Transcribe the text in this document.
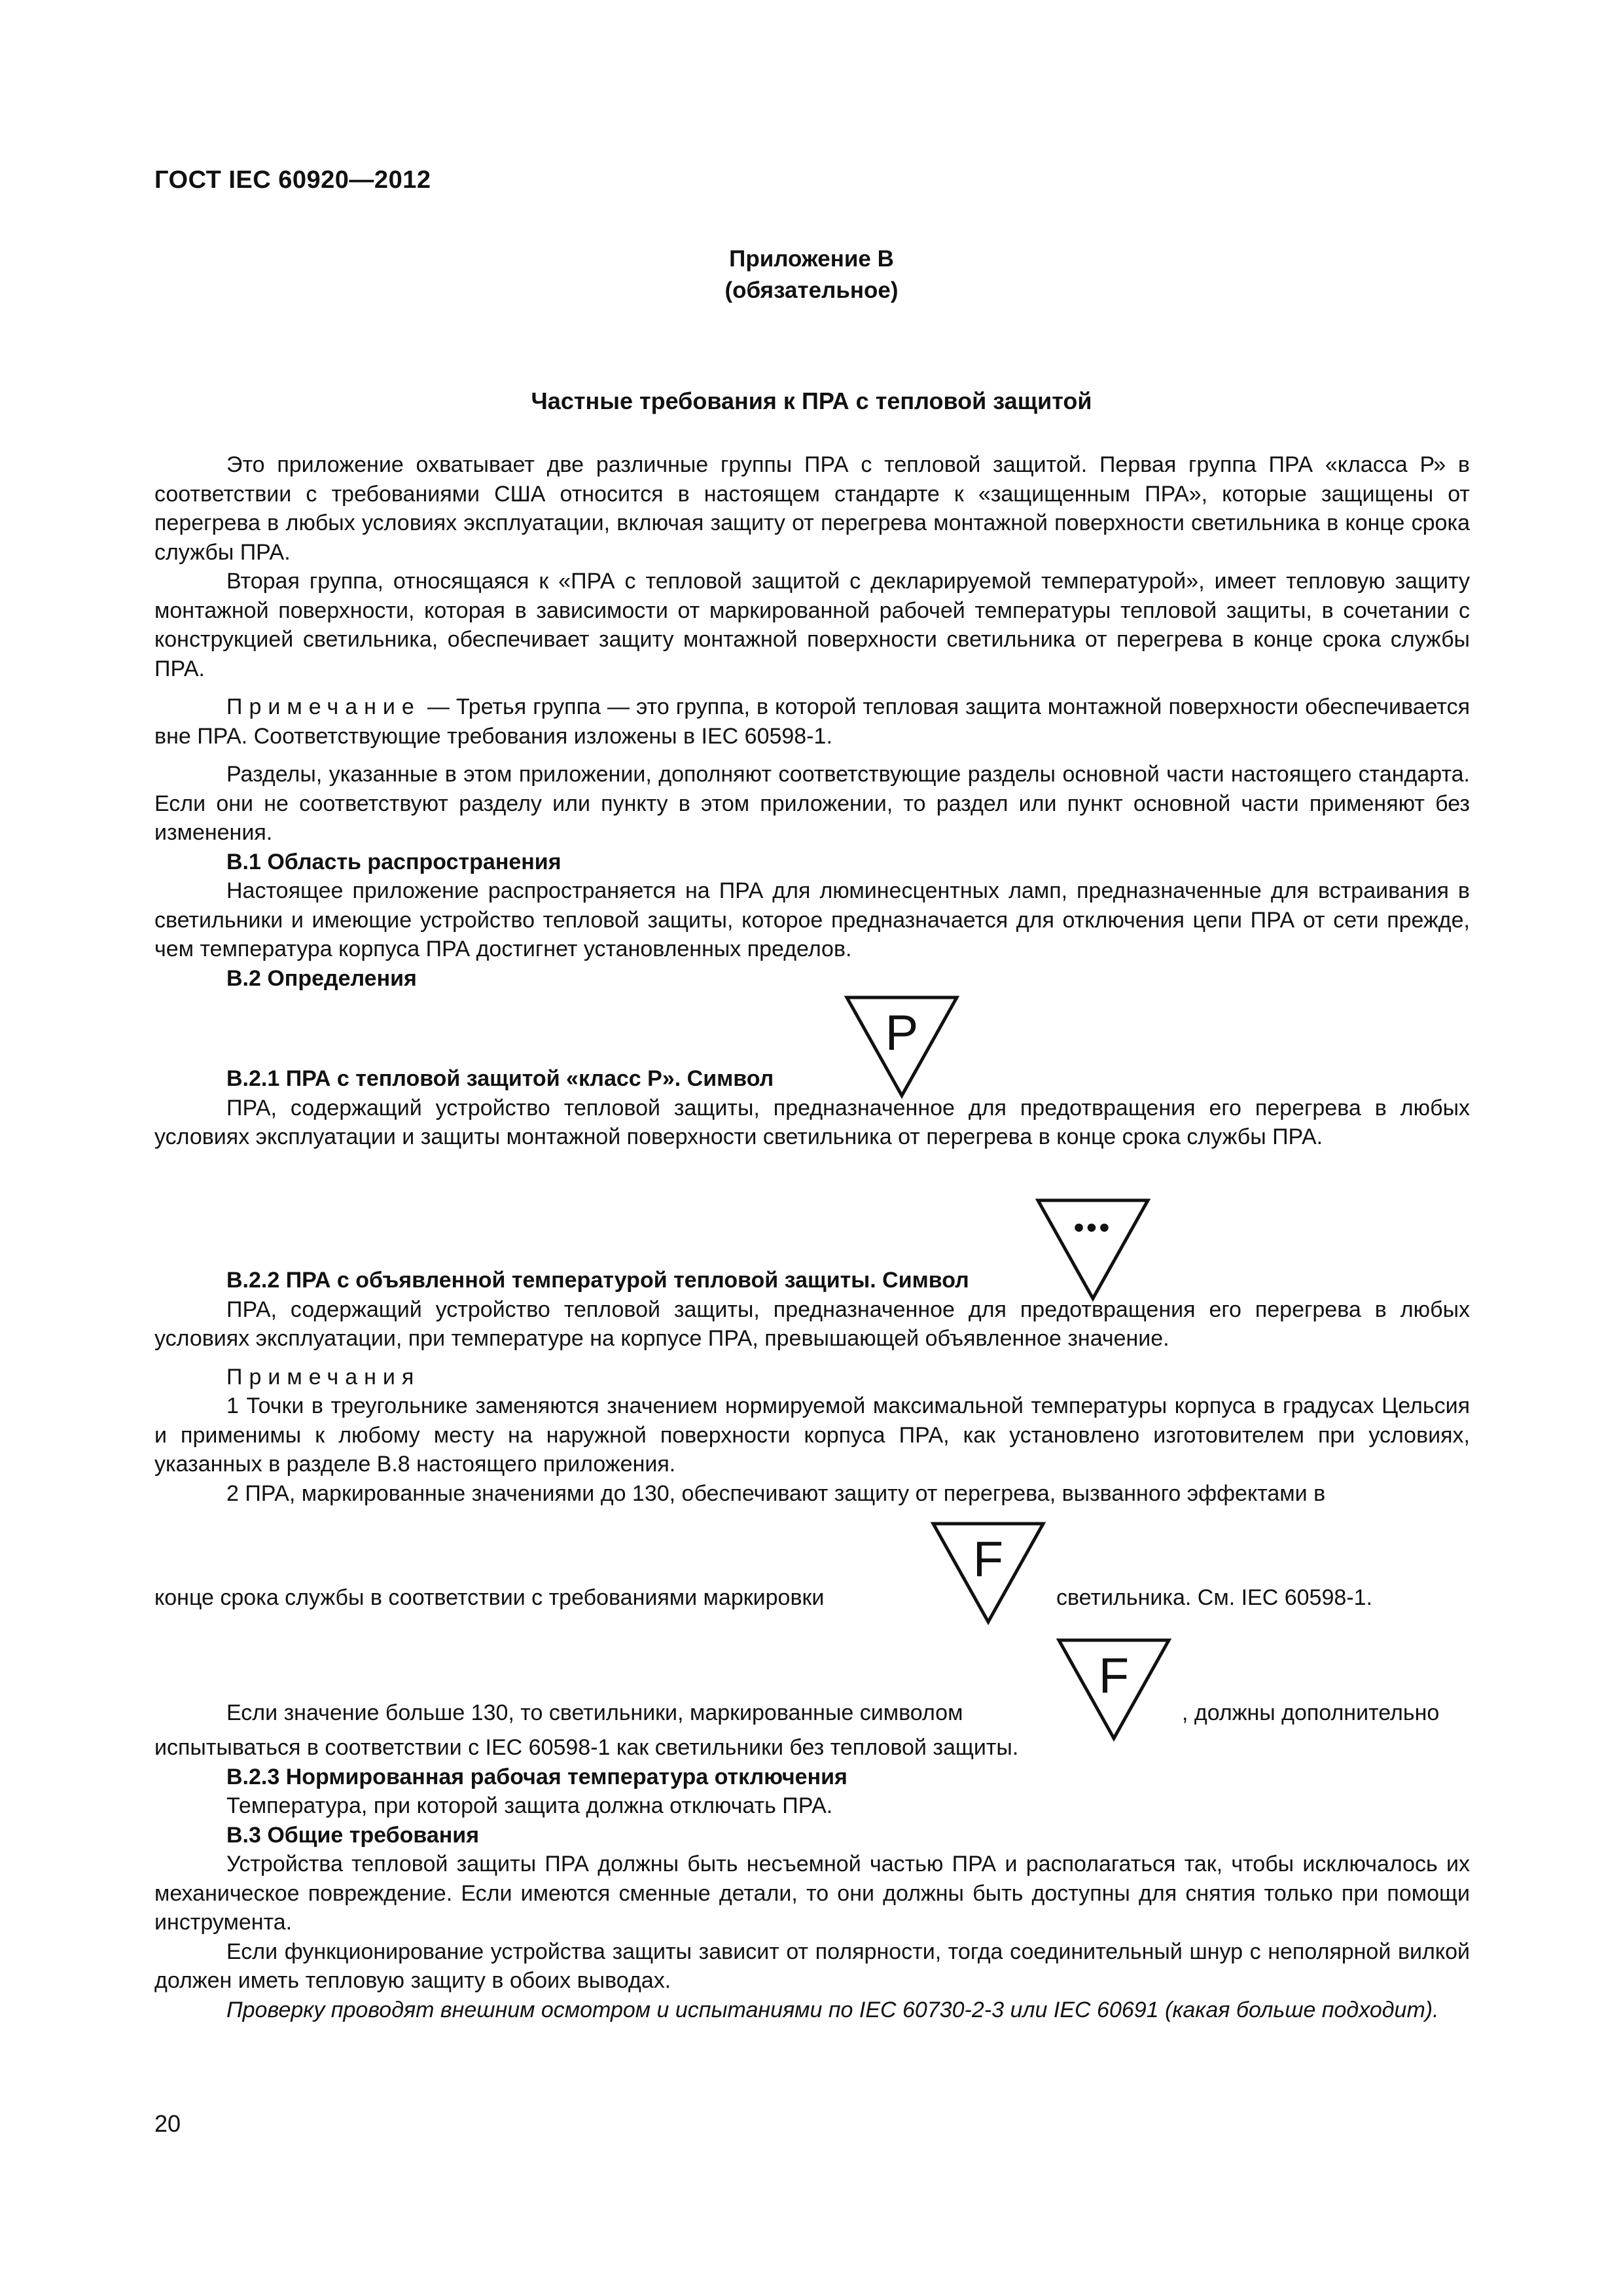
ГОСТ IEC 60920—2012
Приложение В
(обязательное)
Частные требования к ПРА с тепловой защитой

Это приложение охватывает две различные группы ПРА с тепловой защитой. Первая группа ПРА «класса Р» в соответствии с требованиями США относится в настоящем стандарте к «защищенным ПРА», которые защищены от перегрева в любых условиях эксплуатации, включая защиту от перегрева монтажной поверхности светильника в конце срока службы ПРА.

Вторая группа, относящаяся к «ПРА с тепловой защитой с декларируемой температурой», имеет тепловую защиту монтажной поверхности, которая в зависимости от маркированной рабочей температуры тепловой защиты, в сочетании с конструкцией светильника, обеспечивает защиту монтажной поверхности светильника от перегрева в конце срока службы ПРА.

Примечание — Третья группа — это группа, в которой тепловая защита монтажной поверхности обеспечивается вне ПРА. Соответствующие требования изложены в IEC 60598-1.

Разделы, указанные в этом приложении, дополняют соответствующие разделы основной части настоящего стандарта. Если они не соответствуют разделу или пункту в этом приложении, то раздел или пункт основной части применяют без изменения.

В.1 Область распространения

Настоящее приложение распространяется на ПРА для люминесцентных ламп, предназначенные для встраивания в светильники и имеющие устройство тепловой защиты, которое предназначается для отключения цепи ПРА от сети прежде, чем температура корпуса ПРА достигнет установленных пределов.

В.2 Определения

P

В.2.1 ПРА с тепловой защитой «класс Р». Символ

ПРА, содержащий устройство тепловой защиты, предназначенное для предотвращения его перегрева в любых условиях эксплуатации и защиты монтажной поверхности светильника от перегрева в конце срока службы ПРА.

•••

В.2.2 ПРА с объявленной температурой тепловой защиты. Символ

ПРА, содержащий устройство тепловой защиты, предназначенное для предотвращения его перегрева в любых условиях эксплуатации, при температуре на корпусе ПРА, превышающей объявленное значение.

Примечания

1 Точки в треугольнике заменяются значением нормируемой максимальной температуры корпуса в градусах Цельсия и применимы к любому месту на наружной поверхности корпуса ПРА, как установлено изготовителем при условиях, указанных в разделе В.8 настоящего приложения.

2 ПРА, маркированные значениями до 130, обеспечивают защиту от перегрева, вызванного эффектами в

F
конце срока службы в соответствии с требованиями маркировки	светильника. См. IEC 60598-1.
F
Если значение больше 130, то светильники, маркированные символом	, должны дополнительно

испытываться в соответствии с IEC 60598-1 как светильники без тепловой защиты.

В.2.3 Нормированная рабочая температура отключения

Температура, при которой защита должна отключать ПРА.

В.3 Общие требования

Устройства тепловой защиты ПРА должны быть несъемной частью ПРА и располагаться так, чтобы исключалось их механическое повреждение. Если имеются сменные детали, то они должны быть доступны для снятия только при помощи инструмента.

Если функционирование устройства защиты зависит от полярности, тогда соединительный шнур с неполярной вилкой должен иметь тепловую защиту в обоих выводах.

Проверку проводят внешним осмотром и испытаниями по IEC 60730-2-3 или IEC 60691 (какая больше подходит).

20
